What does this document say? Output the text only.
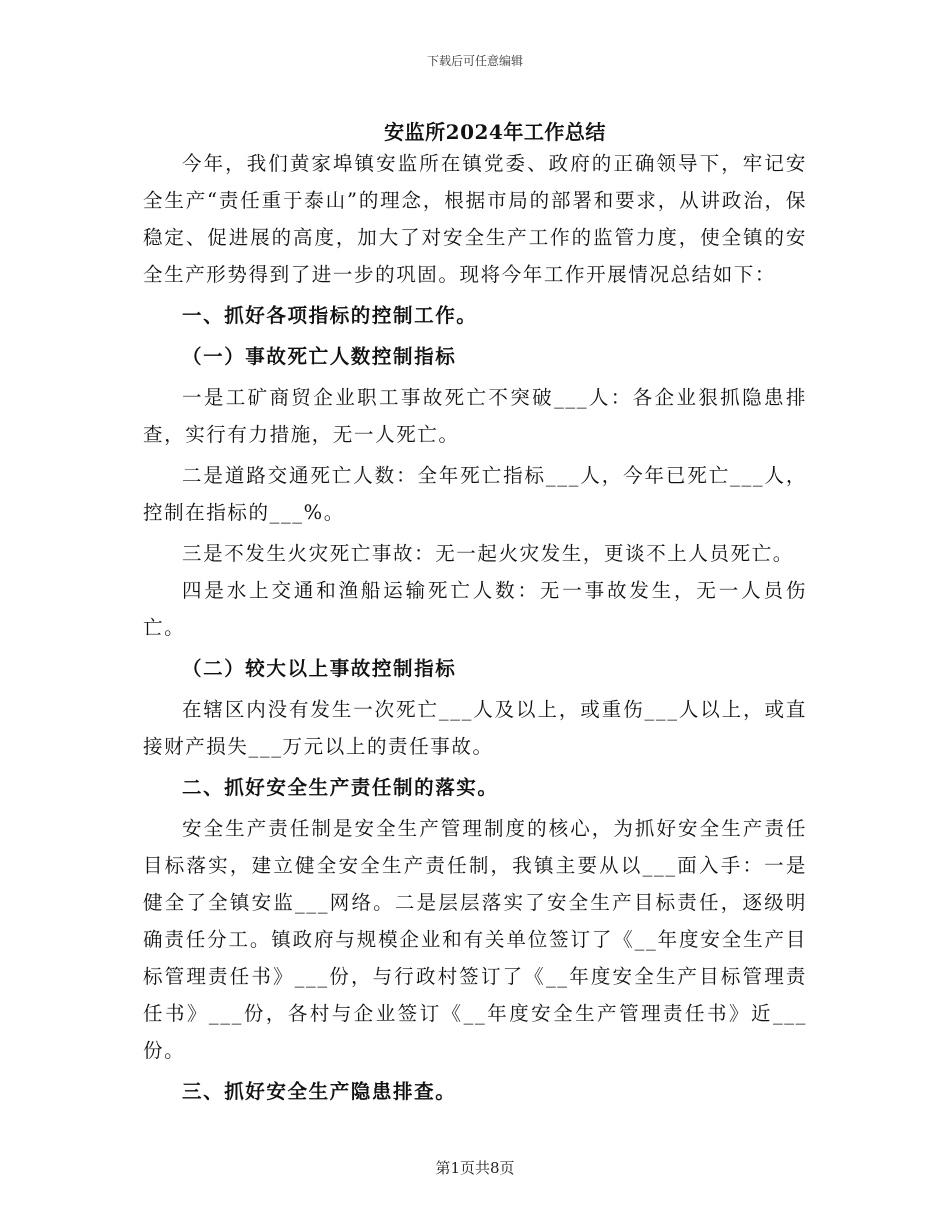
下载后可任意编辑
安监所2024年工作总结

今年，我们黄家埠镇安监所在镇党委、政府的正确领导下，牢记安全生产“责任重于泰山”的理念，根据市局的部署和要求，从讲政治，保稳定、促进展的高度，加大了对安全生产工作的监管力度，使全镇的安全生产形势得到了进一步的巩固。现将今年工作开展情况总结如下：

一、抓好各项指标的控制工作。

（一）事故死亡人数控制指标

一是工矿商贸企业职工事故死亡不突破___人：各企业狠抓隐患排查，实行有力措施，无一人死亡。

二是道路交通死亡人数：全年死亡指标___人，今年已死亡___人，控制在指标的___%。

三是不发生火灾死亡事故：无一起火灾发生，更谈不上人员死亡。

四是水上交通和渔船运输死亡人数：无一事故发生，无一人员伤亡。

（二）较大以上事故控制指标

在辖区内没有发生一次死亡___人及以上，或重伤___人以上，或直接财产损失___万元以上的责任事故。

二、抓好安全生产责任制的落实。

安全生产责任制是安全生产管理制度的核心，为抓好安全生产责任目标落实，建立健全安全生产责任制，我镇主要从以___面入手：一是健全了全镇安监___网络。二是层层落实了安全生产目标责任，逐级明确责任分工。镇政府与规模企业和有关单位签订了《__年度安全生产目标管理责任书》___份，与行政村签订了《__年度安全生产目标管理责任书》___份，各村与企业签订《__年度安全生产管理责任书》近___份。

三、抓好安全生产隐患排查。

第1页共8页
